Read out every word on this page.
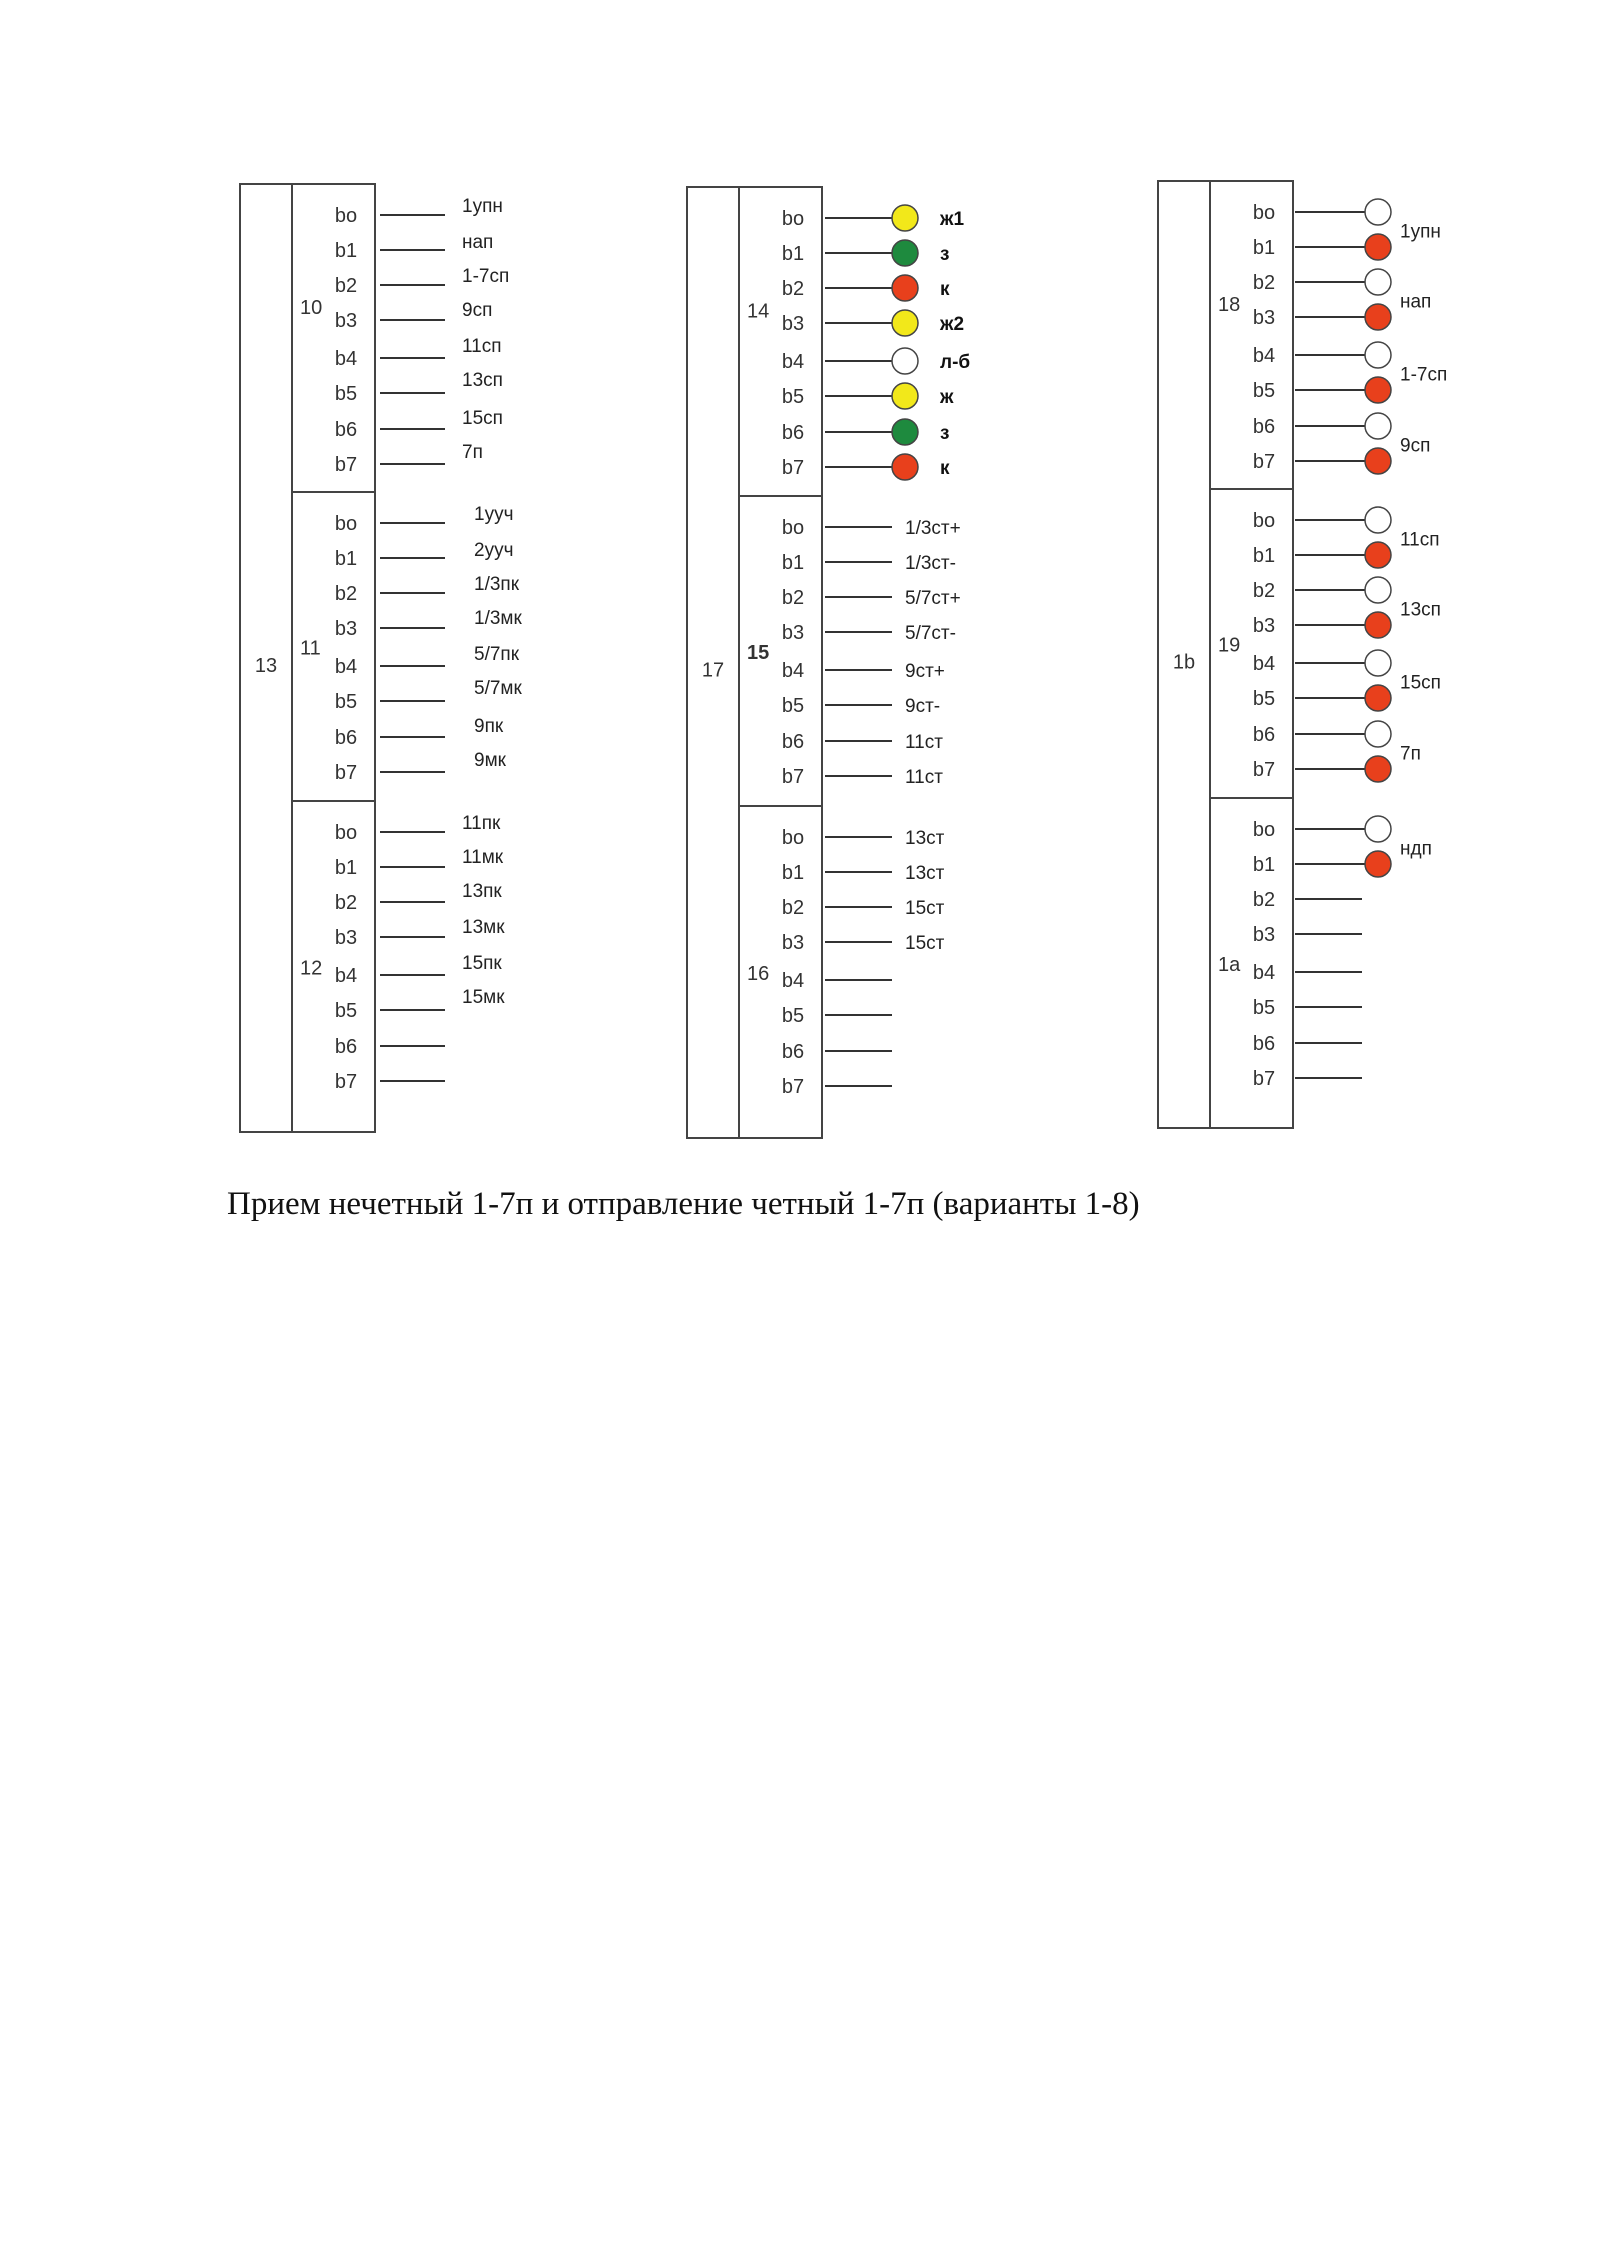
13
10
bo
b1
b2
b3
b4
b5
b6
b7
1упн
нап
1-7сп
9сп
11сп
13сп
15сп
7п
11
bo
b1
b2
b3
b4
b5
b6
b7
1ууч
2ууч
1/3пк
1/3мк
5/7пк
5/7мк
9пк
9мк
12
bo
b1
b2
b3
b4
b5
b6
b7
11пк
11мк
13пк
13мк
15пк
15мк
17
14
bo
b1
b2
b3
b4
b5
b6
b7
ж1
з
к
ж2
л-б
ж
з
к
15
bo
b1
b2
b3
b4
b5
b6
b7
1/3ст+
1/3ст-
5/7ст+
5/7ст-
9ст+
9ст-
11ст
11ст
16
bo
b1
b2
b3
b4
b5
b6
b7
13ст
13ст
15ст
15ст
1b
18
bo
b1
b2
b3
b4
b5
b6
b7
1упн
нап
1-7сп
9сп
19
bo
b1
b2
b3
b4
b5
b6
b7
11сп
13сп
15сп
7п
1a
bo
b1
b2
b3
b4
b5
b6
b7
ндп
Прием нечетный 1-7п и отправление четный 1-7п (варианты 1-8)
